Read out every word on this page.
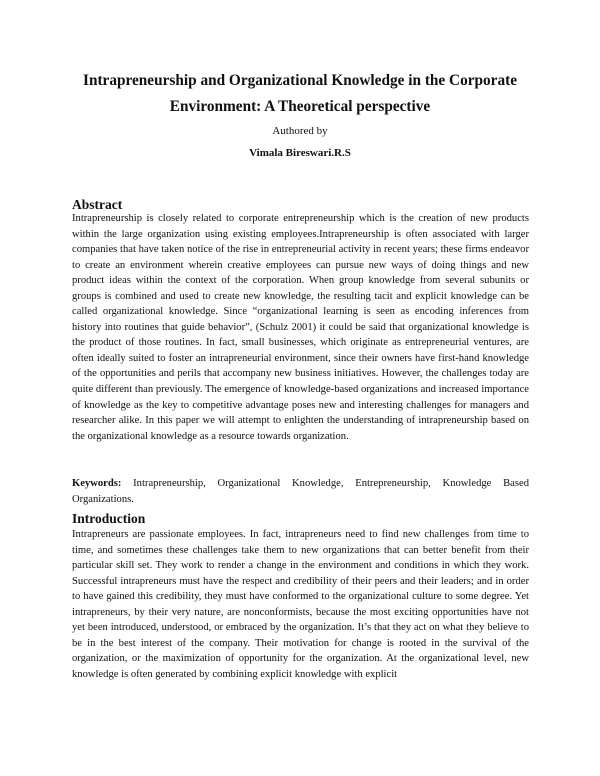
Intrapreneurship and Organizational Knowledge in the Corporate
Environment: A Theoretical perspective
Authored by
Vimala Bireswari.R.S
Abstract

Intrapreneurship is closely related to corporate entrepreneurship which is the creation of new products within the large organization using existing employees.Intrapreneurship is often associated with larger companies that have taken notice of the rise in entrepreneurial activity in recent years; these firms endeavor to create an environment wherein creative employees can pursue new ways of doing things and new product ideas within the context of the corporation. When group knowledge from several subunits or groups is combined and used to create new knowledge, the resulting tacit and explicit knowledge can be called organizational knowledge. Since “organizational learning is seen as encoding inferences from history into routines that guide behavior”, (Schulz 2001) it could be said that organizational knowledge is the product of those routines. In fact, small businesses, which originate as entrepreneurial ventures, are often ideally suited to foster an intrapreneurial environment, since their owners have first-hand knowledge of the opportunities and perils that accompany new business initiatives. However, the challenges today are quite different than previously. The emergence of knowledge-based organizations and increased importance of knowledge as the key to competitive advantage poses new and interesting challenges for managers and researcher alike. In this paper we will attempt to enlighten the understanding of intrapreneurship based on the organizational knowledge as a resource towards organization.

Keywords: Intrapreneurship, Organizational Knowledge, Entrepreneurship, Knowledge Based Organizations.

Introduction

Intrapreneurs are passionate employees. In fact, intrapreneurs need to find new challenges from time to time, and sometimes these challenges take them to new organizations that can better benefit from their particular skill set. They work to render a change in the environment and conditions in which they work. Successful intrapreneurs must have the respect and credibility of their peers and their leaders; and in order to have gained this credibility, they must have conformed to the organizational culture to some degree. Yet intrapreneurs, by their very nature, are nonconformists, because the most exciting opportunities have not yet been introduced, understood, or embraced by the organization. It’s that they act on what they believe to be in the best interest of the company. Their motivation for change is rooted in the survival of the organization, or the maximization of opportunity for the organization. At the organizational level, new knowledge is often generated by combining explicit knowledge with explicit
